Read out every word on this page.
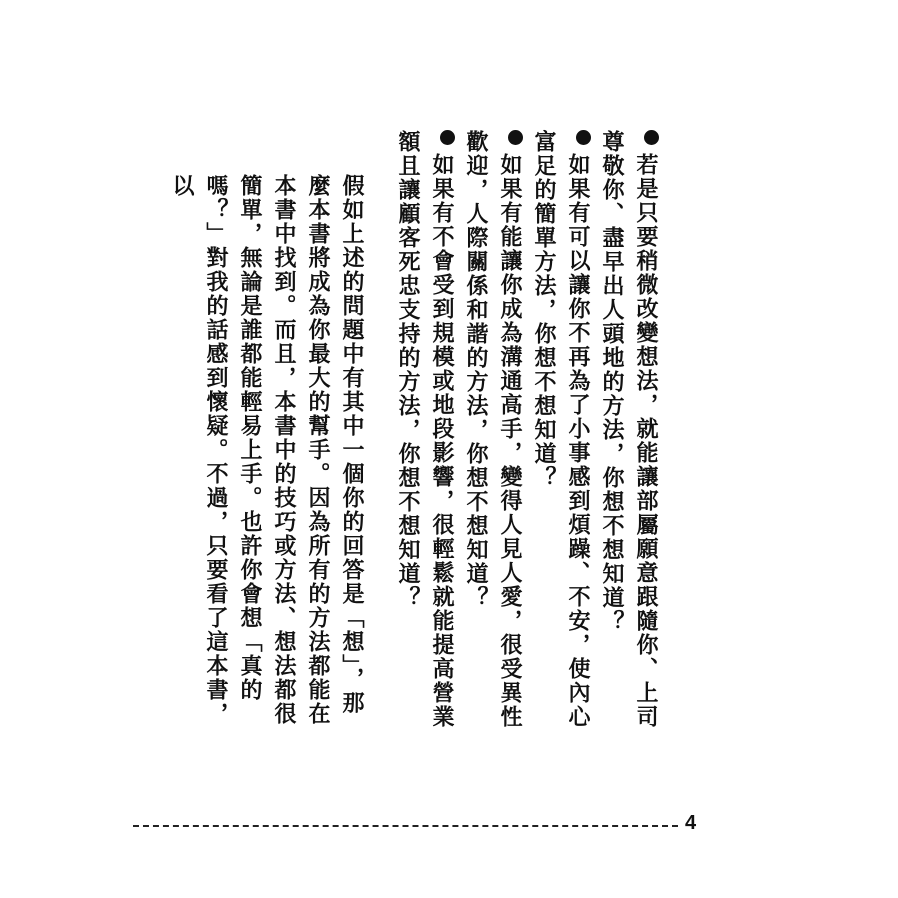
若是只要稍微改變想法，就能讓部屬願意跟隨你、上司尊敬你、盡早出人頭地的方法，你想不想知道？

如果有可以讓你不再為了小事感到煩躁、不安，使內心富足的簡單方法，你想不想知道？

如果有能讓你成為溝通高手，變得人見人愛，很受異性歡迎，人際關係和諧的方法，你想不想知道？

如果有不會受到規模或地段影響，很輕鬆就能提高營業額且讓顧客死忠支持的方法，你想不想知道？

假如上述的問題中有其中一個你的回答是「想」，那麼本書將成為你最大的幫手。因為所有的方法都能在本書中找到。而且，本書中的技巧或方法、想法都很簡單，無論是誰都能輕易上手。也許你會想「真的嗎？」對我的話感到懷疑。不過，只要看了這本書，以

4
